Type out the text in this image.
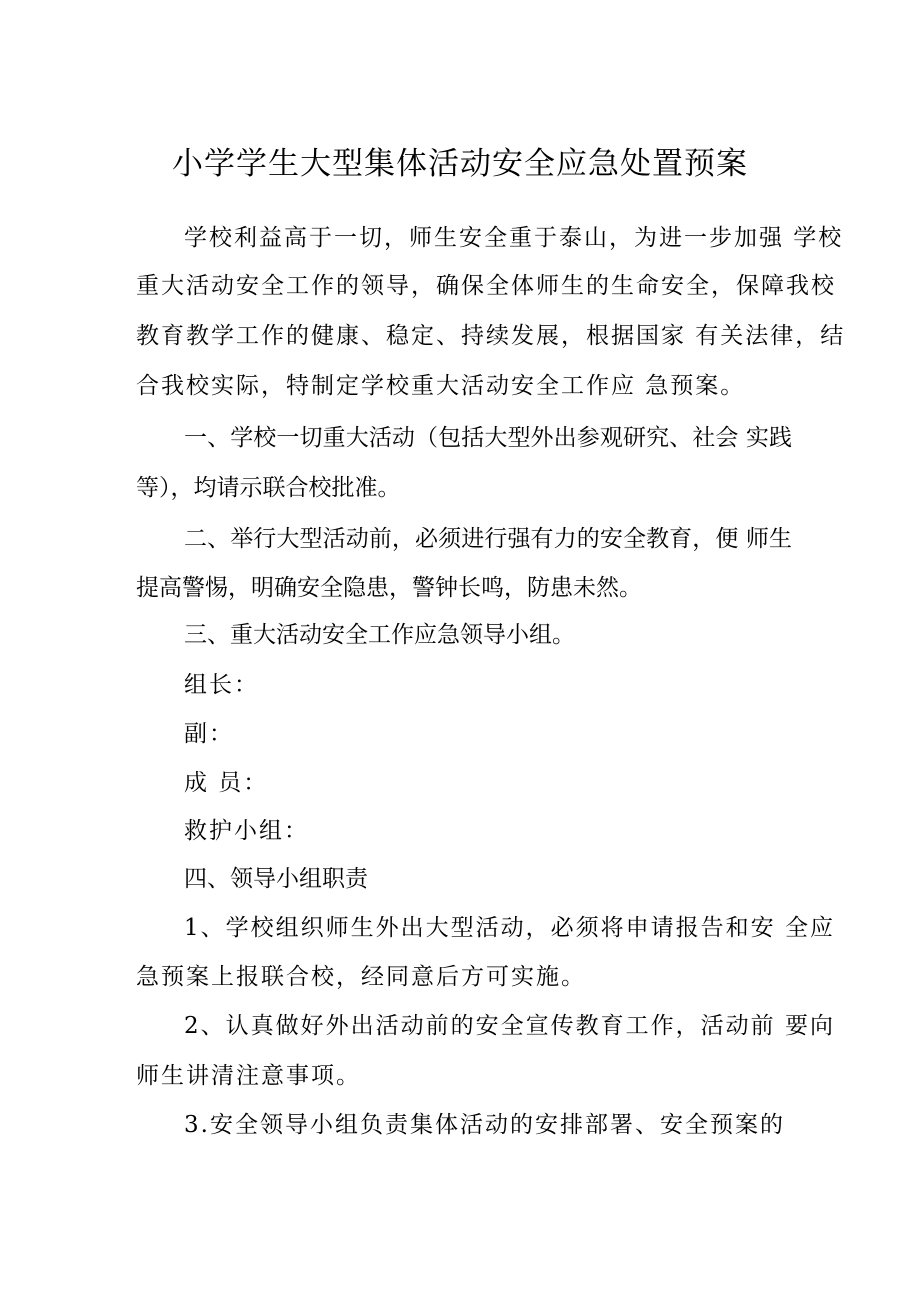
小学学生大型集体活动安全应急处置预案
学校利益高于一切，师生安全重于泰山，为进一步加强 学校
重大活动安全工作的领导，确保全体师生的生命安全，保障我校
教育教学工作的健康、稳定、持续发展，根据国家 有关法律，结
合我校实际，特制定学校重大活动安全工作应 急预案。
一、学校一切重大活动（包括大型外出参观研究、社会 实践
等），均请示联合校批准。
二、举行大型活动前，必须进行强有力的安全教育，便 师生
提高警惕，明确安全隐患，警钟长鸣，防患未然。
三、重大活动安全工作应急领导小组。
组长：
副：
成 员：
救护小组：
四、领导小组职责
1、学校组织师生外出大型活动，必须将申请报告和安 全应
急预案上报联合校，经同意后方可实施。
2、认真做好外出活动前的安全宣传教育工作，活动前 要向
师生讲清注意事项。
3.安全领导小组负责集体活动的安排部署、安全预案的
